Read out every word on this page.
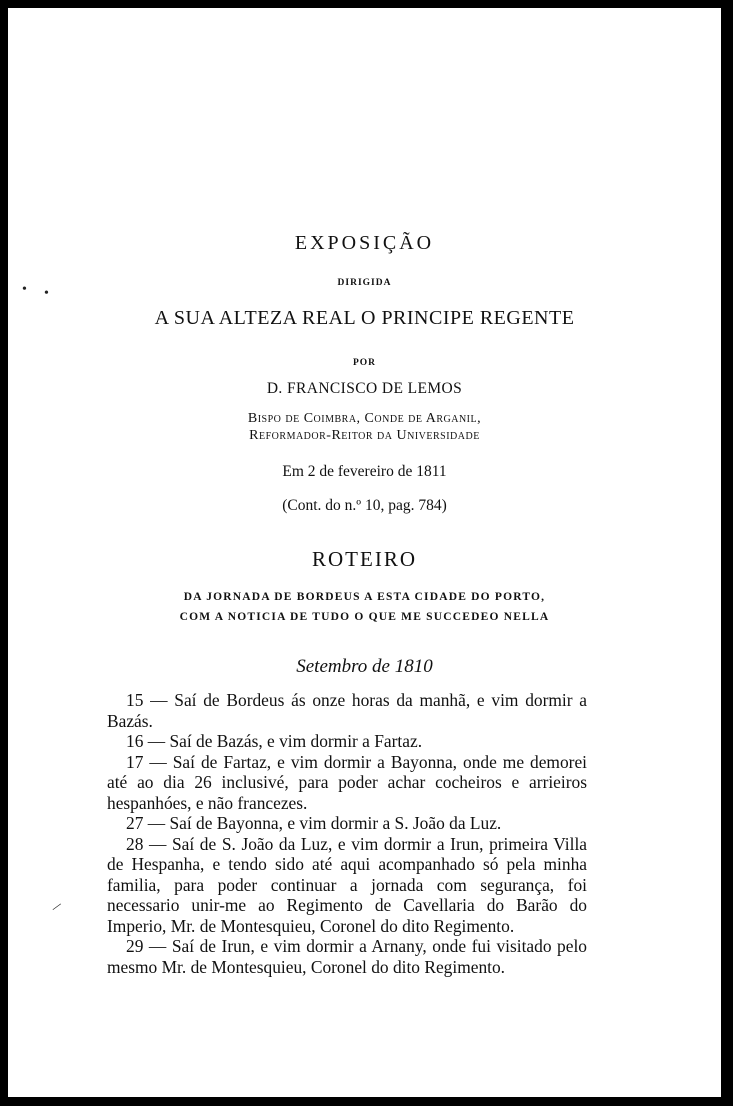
EXPOSIÇÃO
DIRIGIDA
A SUA ALTEZA REAL O PRINCIPE REGENTE
POR
D. FRANCISCO DE LEMOS
Bispo de Coimbra, Conde de Arganil,
Reformador-Reitor da Universidade
Em 2 de fevereiro de 1811
(Cont. do n.º 10, pag. 784)
ROTEIRO
DA JORNADA DE BORDEUS A ESTA CIDADE DO PORTO,
COM A NOTICIA DE TUDO O QUE ME SUCCEDEO NELLA
Setembro de 1810

15 — Saí de Bordeus ás onze horas da manhã, e vim dormir a Bazás.

16 — Saí de Bazás, e vim dormir a Fartaz.

17 — Saí de Fartaz, e vim dormir a Bayonna, onde me demorei até ao dia 26 inclusivé, para poder achar cocheiros e arrieiros hespanhóes, e não francezes.

27 — Saí de Bayonna, e vim dormir a S. João da Luz.

28 — Saí de S. João da Luz, e vim dormir a Irun, primeira Villa de Hespanha, e tendo sido até aqui acompanhado só pela minha familia, para poder continuar a jornada com segurança, foi necessario unir-me ao Regimento de Cavellaria do Barão do Imperio, Mr. de Montesquieu, Coronel do dito Regimento.

29 — Saí de Irun, e vim dormir a Arnany, onde fui visitado pelo mesmo Mr. de Montesquieu, Coronel do dito Regimento.

• •
/
